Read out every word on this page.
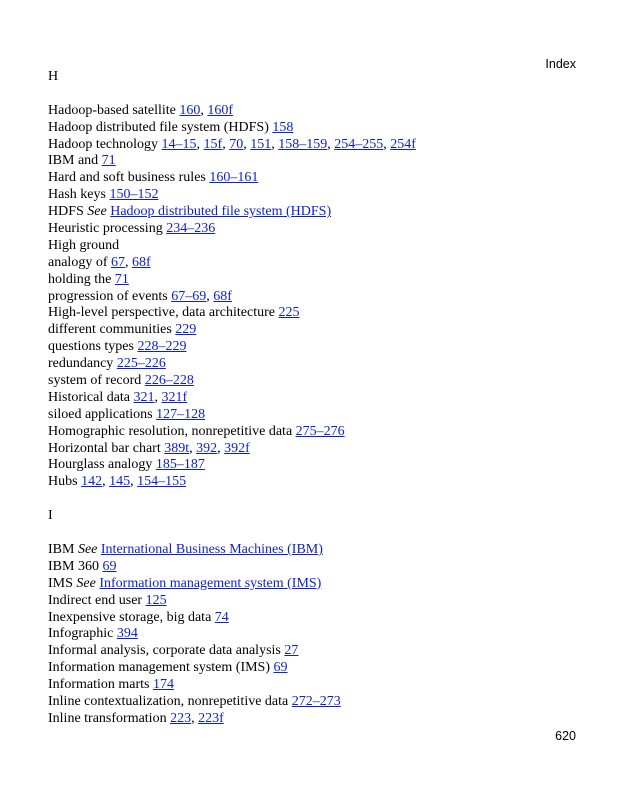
Index
H
Hadoop-based satellite 160, 160f
Hadoop distributed file system (HDFS) 158
Hadoop technology 14–15, 15f, 70, 151, 158–159, 254–255, 254f
IBM and 71
Hard and soft business rules 160–161
Hash keys 150–152
HDFS See Hadoop distributed file system (HDFS)
Heuristic processing 234–236
High ground
analogy of 67, 68f
holding the 71
progression of events 67–69, 68f
High-level perspective, data architecture 225
different communities 229
questions types 228–229
redundancy 225–226
system of record 226–228
Historical data 321, 321f
siloed applications 127–128
Homographic resolution, nonrepetitive data 275–276
Horizontal bar chart 389t, 392, 392f
Hourglass analogy 185–187
Hubs 142, 145, 154–155
I
IBM See International Business Machines (IBM)
IBM 360 69
IMS See Information management system (IMS)
Indirect end user 125
Inexpensive storage, big data 74
Infographic 394
Informal analysis, corporate data analysis 27
Information management system (IMS) 69
Information marts 174
Inline contextualization, nonrepetitive data 272–273
Inline transformation 223, 223f
620
